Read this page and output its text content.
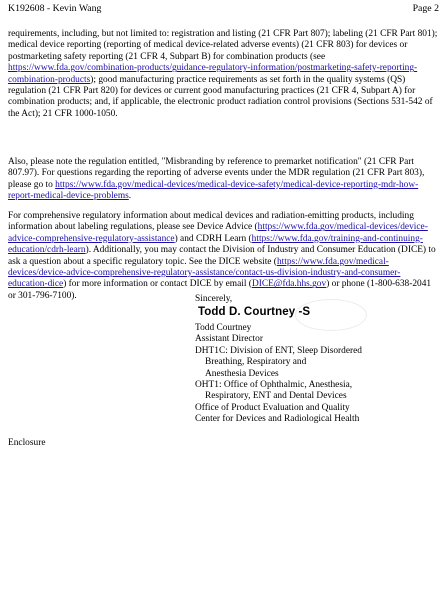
K192608 - Kevin Wang	Page 2
requirements, including, but not limited to: registration and listing (21 CFR Part 807); labeling (21 CFR Part 801); medical device reporting (reporting of medical device-related adverse events) (21 CFR 803) for devices or postmarketing safety reporting (21 CFR 4, Subpart B) for combination products (see https://www.fda.gov/combination-products/guidance-regulatory-information/postmarketing-safety-reporting-combination-products); good manufacturing practice requirements as set forth in the quality systems (QS) regulation (21 CFR Part 820) for devices or current good manufacturing practices (21 CFR 4, Subpart A) for combination products; and, if applicable, the electronic product radiation control provisions (Sections 531-542 of the Act); 21 CFR 1000-1050.
Also, please note the regulation entitled, "Misbranding by reference to premarket notification" (21 CFR Part 807.97). For questions regarding the reporting of adverse events under the MDR regulation (21 CFR Part 803), please go to https://www.fda.gov/medical-devices/medical-device-safety/medical-device-reporting-mdr-how-report-medical-device-problems.
For comprehensive regulatory information about medical devices and radiation-emitting products, including information about labeling regulations, please see Device Advice (https://www.fda.gov/medical-devices/device-advice-comprehensive-regulatory-assistance) and CDRH Learn (https://www.fda.gov/training-and-continuing-education/cdrh-learn). Additionally, you may contact the Division of Industry and Consumer Education (DICE) to ask a question about a specific regulatory topic. See the DICE website (https://www.fda.gov/medical-devices/device-advice-comprehensive-regulatory-assistance/contact-us-division-industry-and-consumer-education-dice) for more information or contact DICE by email (DICE@fda.hhs.gov) or phone (1-800-638-2041 or 301-796-7100).	Sincerely,
Todd D. Courtney -S
Todd Courtney
Assistant Director
DHT1C: Division of ENT, Sleep Disordered
Breathing, Respiratory and
Anesthesia Devices
OHT1: Office of Ophthalmic, Anesthesia,
Respiratory, ENT and Dental Devices
Office of Product Evaluation and Quality
Center for Devices and Radiological Health
Enclosure
